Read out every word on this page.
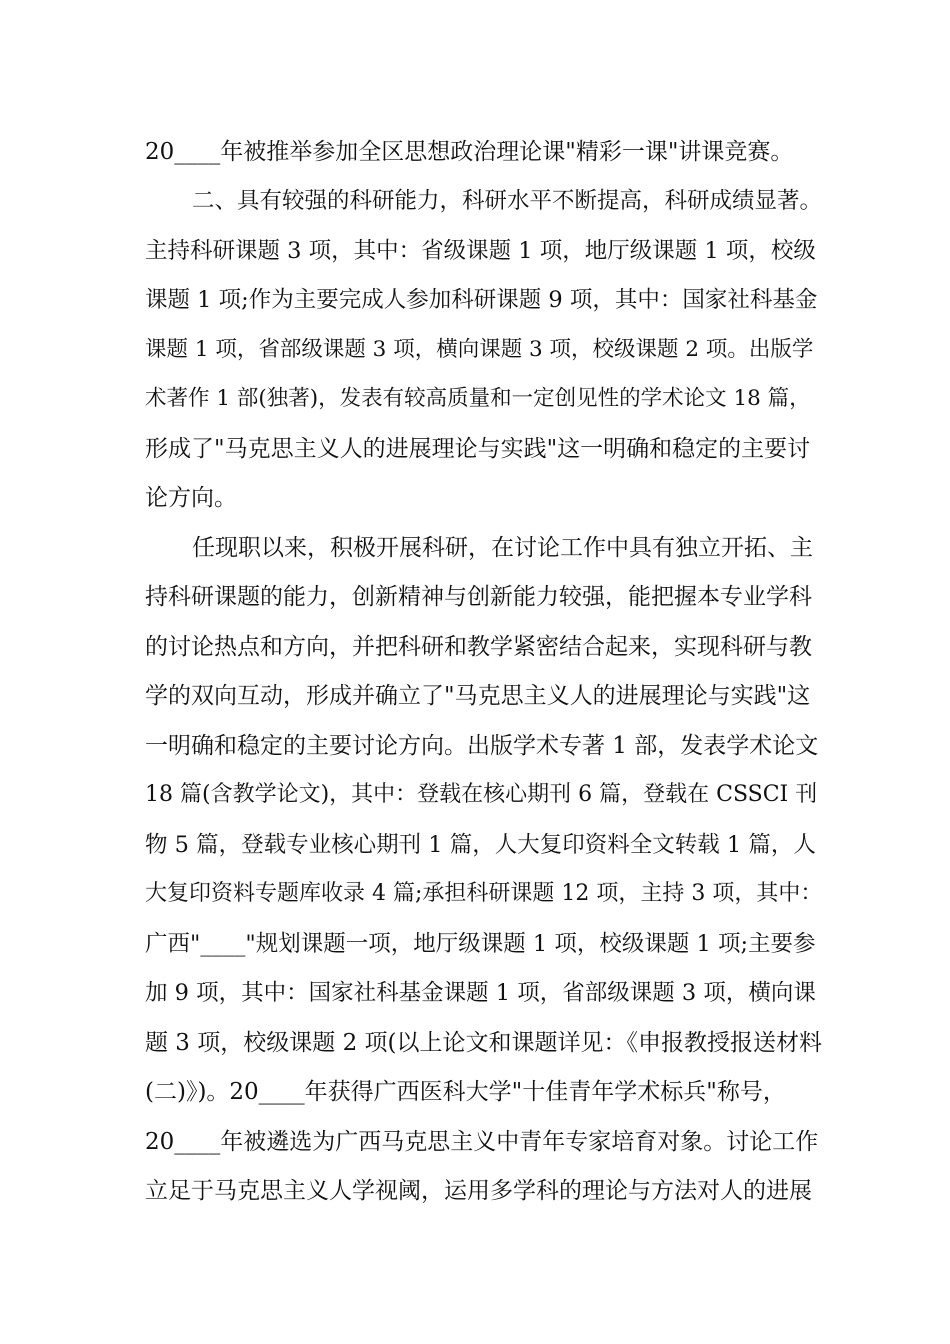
20____年被推举参加全区思想政治理论课"精彩一课"讲课竞赛。
二、具有较强的科研能力，科研水平不断提高，科研成绩显著。
主持科研课题 3 项，其中：省级课题 1 项，地厅级课题 1 项，校级
课题 1 项;作为主要完成人参加科研课题 9 项，其中：国家社科基金
课题 1 项，省部级课题 3 项，横向课题 3 项，校级课题 2 项。出版学
术著作 1 部(独著)，发表有较高质量和一定创见性的学术论文 18 篇，
形成了"马克思主义人的进展理论与实践"这一明确和稳定的主要讨
论方向。
任现职以来，积极开展科研，在讨论工作中具有独立开拓、主
持科研课题的能力，创新精神与创新能力较强，能把握本专业学科
的讨论热点和方向，并把科研和教学紧密结合起来，实现科研与教
学的双向互动，形成并确立了"马克思主义人的进展理论与实践"这
一明确和稳定的主要讨论方向。出版学术专著 1 部，发表学术论文
18 篇(含教学论文)，其中：登载在核心期刊 6 篇，登载在 CSSCI 刊
物 5 篇，登载专业核心期刊 1 篇，人大复印资料全文转载 1 篇，人
大复印资料专题库收录 4 篇;承担科研课题 12 项，主持 3 项，其中：
广西"____"规划课题一项，地厅级课题 1 项，校级课题 1 项;主要参
加 9 项，其中：国家社科基金课题 1 项，省部级课题 3 项，横向课
题 3 项，校级课题 2 项(以上论文和课题详见：《申报教授报送材料
(二)》)。20____年获得广西医科大学"十佳青年学术标兵"称号，
20____年被遴选为广西马克思主义中青年专家培育对象。讨论工作
立足于马克思主义人学视阈，运用多学科的理论与方法对人的进展
